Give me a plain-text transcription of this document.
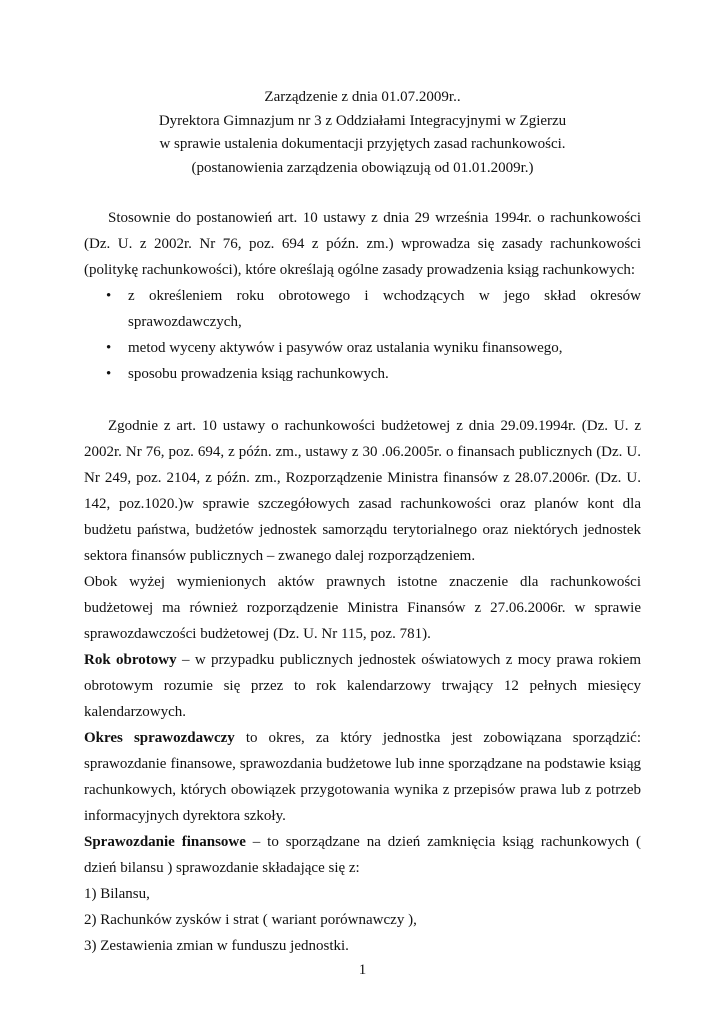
Zarządzenie z dnia 01.07.2009r..
Dyrektora Gimnazjum nr 3 z Oddziałami Integracyjnymi w Zgierzu
w sprawie ustalenia dokumentacji przyjętych zasad rachunkowości.
(postanowienia zarządzenia obowiązują od 01.01.2009r.)

Stosownie do postanowień art. 10 ustawy z dnia 29 września 1994r. o rachunkowości (Dz. U. z 2002r. Nr 76, poz. 694 z późn. zm.) wprowadza się zasady rachunkowości (politykę rachunkowości), które określają ogólne zasady prowadzenia ksiąg rachunkowych:

• z określeniem roku obrotowego i wchodzących w jego skład okresów sprawozdawczych,
• metod wyceny aktywów i pasywów oraz ustalania wyniku finansowego,
• sposobu prowadzenia ksiąg rachunkowych.

Zgodnie z art. 10 ustawy o rachunkowości budżetowej z dnia 29.09.1994r. (Dz. U. z 2002r. Nr 76, poz. 694, z późn. zm., ustawy z 30 .06.2005r. o finansach publicznych (Dz. U. Nr 249, poz. 2104, z późn. zm., Rozporządzenie Ministra finansów z 28.07.2006r. (Dz. U. 142, poz.1020.)w sprawie szczegółowych zasad rachunkowości oraz planów kont dla budżetu państwa, budżetów jednostek samorządu terytorialnego oraz niektórych jednostek sektora finansów publicznych – zwanego dalej rozporządzeniem.

Obok wyżej wymienionych aktów prawnych istotne znaczenie dla rachunkowości budżetowej ma również rozporządzenie Ministra Finansów z 27.06.2006r. w sprawie sprawozdawczości budżetowej (Dz. U. Nr 115, poz. 781).

Rok obrotowy – w przypadku publicznych jednostek oświatowych z mocy prawa rokiem obrotowym rozumie się przez to rok kalendarzowy trwający 12 pełnych miesięcy kalendarzowych.

Okres sprawozdawczy to okres, za który jednostka jest zobowiązana sporządzić: sprawozdanie finansowe, sprawozdania budżetowe lub inne sporządzane na podstawie ksiąg rachunkowych, których obowiązek przygotowania wynika z przepisów prawa lub z potrzeb informacyjnych dyrektora szkoły.

Sprawozdanie finansowe – to sporządzane na dzień zamknięcia ksiąg rachunkowych ( dzień bilansu ) sprawozdanie składające się z:

1) Bilansu,
2) Rachunków zysków i strat ( wariant porównawczy ),
3) Zestawienia zmian w funduszu jednostki.
1
